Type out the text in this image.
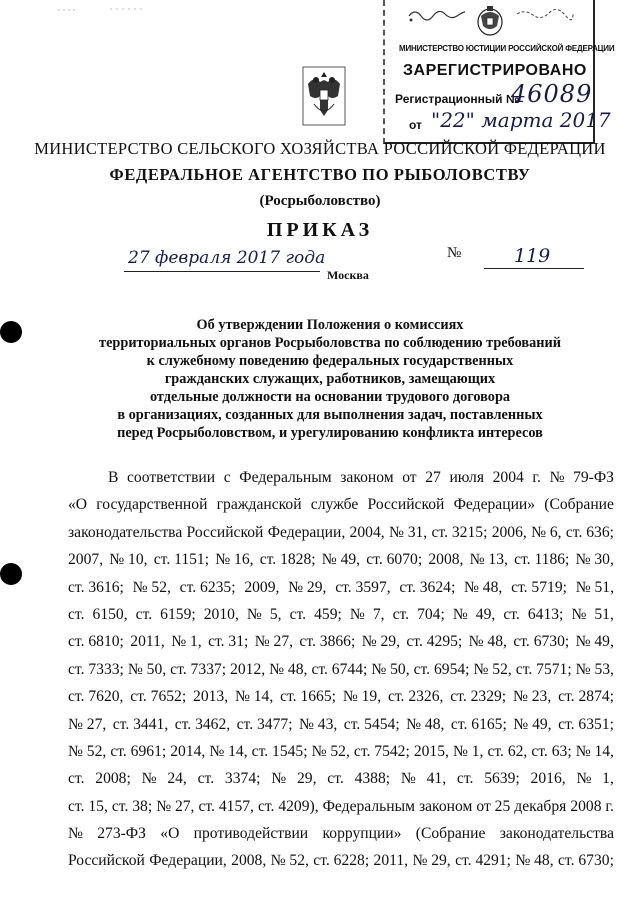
МИНИСТЕРСТВО ЮСТИЦИИ РОССИЙСКОЙ ФЕДЕРАЦИИ
ЗАРЕГИСТРИРОВАНО
Регистрационный №
46089
от "22" марта 2017
МИНИСТЕРСТВО СЕЛЬСКОГО ХОЗЯЙСТВА РОССИЙСКОЙ ФЕДЕРАЦИИ
ФЕДЕРАЛЬНОЕ АГЕНТСТВО ПО РЫБОЛОВСТВУ
(Росрыболовство)
ПРИКАЗ
27 февраля 2017 года
Москва
№	119
Об утверждении Положения о комиссиях
территориальных органов Росрыболовства по соблюдению требований
к служебному поведению федеральных государственных
гражданских служащих, работников, замещающих
отдельные должности на основании трудового договора
в организациях, созданных для выполнения задач, поставленных
перед Росрыболовством, и урегулированию конфликта интересов
В соответствии с Федеральным законом от 27 июля 2004 г. № 79-ФЗ
«О государственной гражданской службе Российской Федерации» (Собрание
законодательства Российской Федерации, 2004, № 31, ст. 3215; 2006, № 6, ст. 636;
2007, № 10, ст. 1151; № 16, ст. 1828; № 49, ст. 6070; 2008, № 13, ст. 1186; № 30,
ст. 3616; № 52, ст. 6235; 2009, № 29, ст. 3597, ст. 3624; № 48, ст. 5719; № 51,
ст. 6150, ст. 6159; 2010, № 5, ст. 459; № 7, ст. 704; № 49, ст. 6413; № 51,
ст. 6810; 2011, № 1, ст. 31; № 27, ст. 3866; № 29, ст. 4295; № 48, ст. 6730; № 49,
ст. 7333; № 50, ст. 7337; 2012, № 48, ст. 6744; № 50, ст. 6954; № 52, ст. 7571; № 53,
ст. 7620, ст. 7652; 2013, № 14, ст. 1665; № 19, ст. 2326, ст. 2329; № 23, ст. 2874;
№ 27, ст. 3441, ст. 3462, ст. 3477; № 43, ст. 5454; № 48, ст. 6165; № 49, ст. 6351;
№ 52, ст. 6961; 2014, № 14, ст. 1545; № 52, ст. 7542; 2015, № 1, ст. 62, ст. 63; № 14,
ст. 2008; № 24, ст. 3374; № 29, ст. 4388; № 41, ст. 5639; 2016, № 1,
ст. 15, ст. 38; № 27, ст. 4157, ст. 4209), Федеральным законом от 25 декабря 2008 г.
№ 273-ФЗ «О противодействии коррупции» (Собрание законодательства
Российской Федерации, 2008, № 52, ст. 6228; 2011, № 29, ст. 4291; № 48, ст. 6730;
